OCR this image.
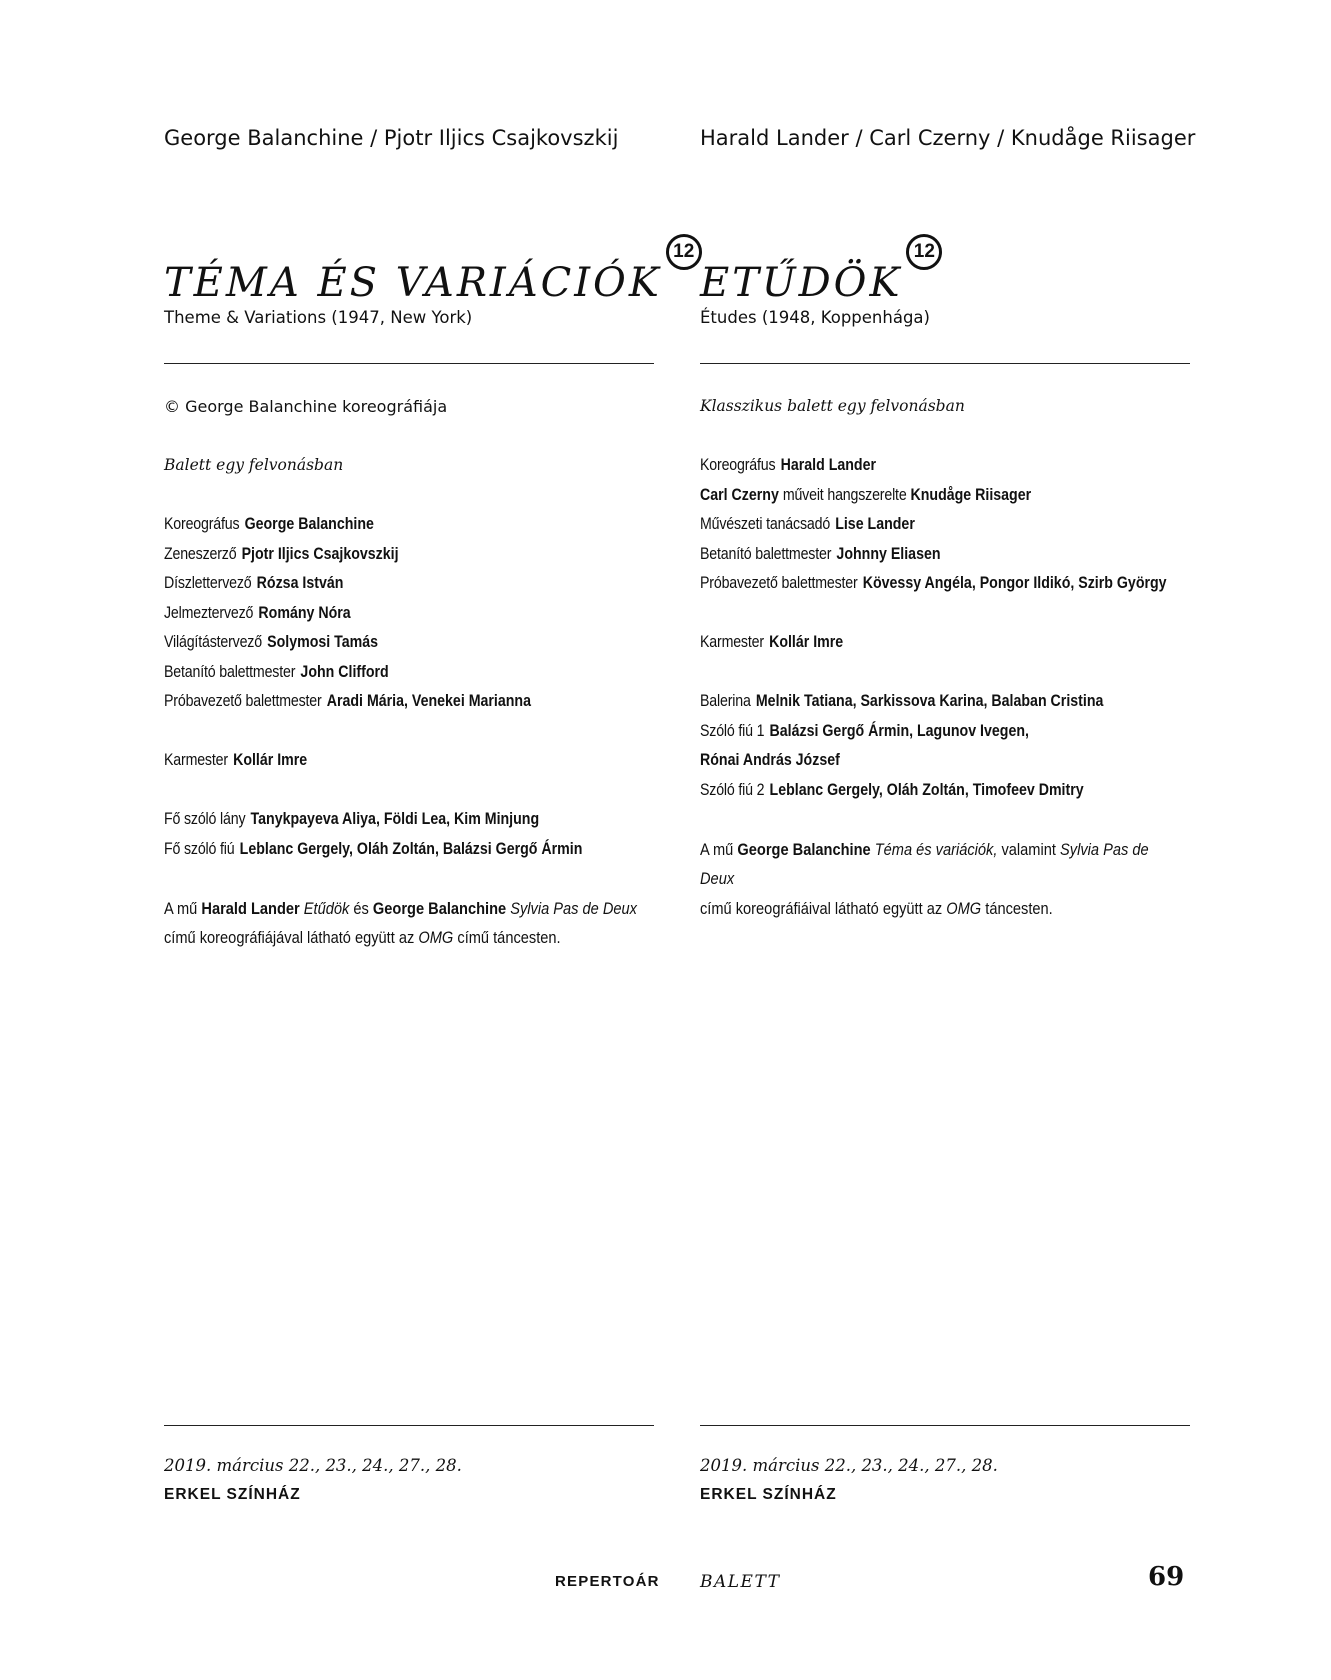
George Balanchine / Pjotr Iljics Csajkovszkij
TÉMA ÉS VARIÁCIÓK12
Theme & Variations (1947, New York)
© George Balanchine koreográfiája
Balett egy felvonásban
Koreográfus George Balanchine
Zeneszerző Pjotr Iljics Csajkovszkij
Díszlettervező Rózsa István
Jelmeztervező Romány Nóra
Világítástervező Solymosi Tamás
Betanító balettmester John Clifford
Próbavezető balettmester Aradi Mária, Venekei Marianna
Karmester Kollár Imre
Fő szóló lány Tanykpayeva Aliya, Földi Lea, Kim Minjung
Fő szóló fiú Leblanc Gergely, Oláh Zoltán, Balázsi Gergő Ármin
A mű Harald Lander Etűdök és George Balanchine Sylvia Pas de Deux
című koreográfiájával látható együtt az OMG című táncesten.
2019. március 22., 23., 24., 27., 28.
ERKEL SZÍNHÁZ
Harald Lander / Carl Czerny / Knudåge Riisager
ETŰDÖK12
Études (1948, Koppenhága)
Klasszikus balett egy felvonásban
Koreográfus Harald Lander
Carl Czerny műveit hangszerelte Knudåge Riisager
Művészeti tanácsadó Lise Lander
Betanító balettmester Johnny Eliasen
Próbavezető balettmester Kövessy Angéla, Pongor Ildikó, Szirb György
Karmester Kollár Imre
Balerina Melnik Tatiana, Sarkissova Karina, Balaban Cristina
Szóló fiú 1 Balázsi Gergő Ármin, Lagunov Ivegen,
Rónai András József
Szóló fiú 2 Leblanc Gergely, Oláh Zoltán, Timofeev Dmitry
A mű George Balanchine Téma és variációk, valamint Sylvia Pas de Deux
című koreográfiáival látható együtt az OMG táncesten.
2019. március 22., 23., 24., 27., 28.
ERKEL SZÍNHÁZ
REPERTOÁR BALETT	69
